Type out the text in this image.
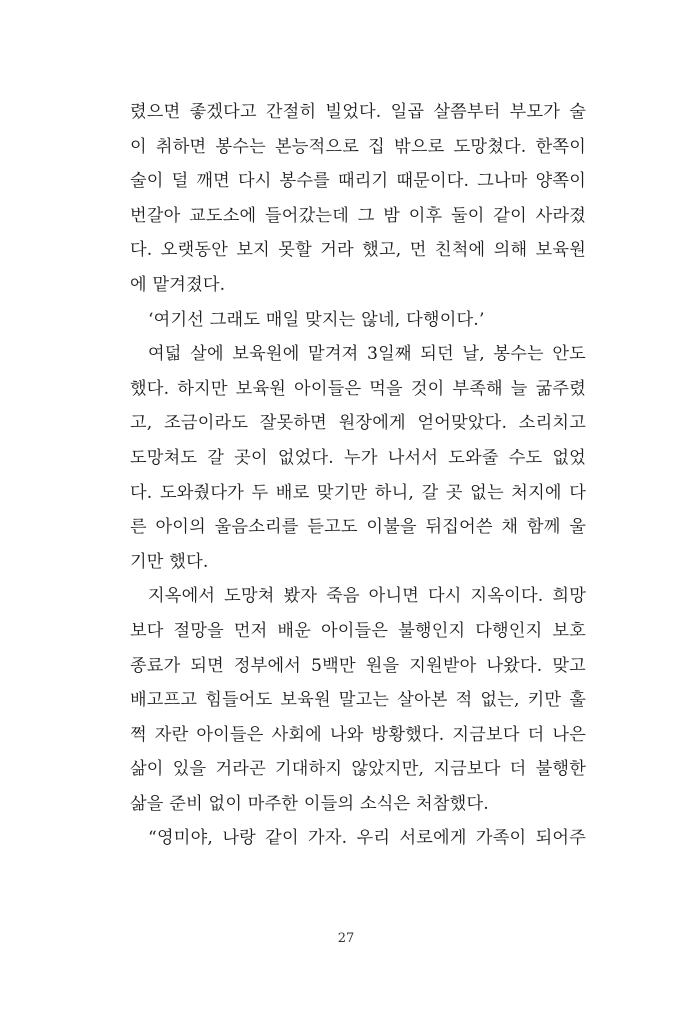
렸으면 좋겠다고 간절히 빌었다. 일곱 살쯤부터 부모가 술
이 취하면 봉수는 본능적으로 집 밖으로 도망쳤다. 한쪽이
술이 덜 깨면 다시 봉수를 때리기 때문이다. 그나마 양쪽이
번갈아 교도소에 들어갔는데 그 밤 이후 둘이 같이 사라졌
다. 오랫동안 보지 못할 거라 했고, 먼 친척에 의해 보육원
에 맡겨졌다.
‘여기선 그래도 매일 맞지는 않네, 다행이다.’
여덟 살에 보육원에 맡겨져 3일째 되던 날, 봉수는 안도
했다. 하지만 보육원 아이들은 먹을 것이 부족해 늘 굶주렸
고, 조금이라도 잘못하면 원장에게 얻어맞았다. 소리치고
도망쳐도 갈 곳이 없었다. 누가 나서서 도와줄 수도 없었
다. 도와줬다가 두 배로 맞기만 하니, 갈 곳 없는 처지에 다
른 아이의 울음소리를 듣고도 이불을 뒤집어쓴 채 함께 울
기만 했다.
지옥에서 도망쳐 봤자 죽음 아니면 다시 지옥이다. 희망
보다 절망을 먼저 배운 아이들은 불행인지 다행인지 보호
종료가 되면 정부에서 5백만 원을 지원받아 나왔다. 맞고
배고프고 힘들어도 보육원 말고는 살아본 적 없는, 키만 훌
쩍 자란 아이들은 사회에 나와 방황했다. 지금보다 더 나은
삶이 있을 거라곤 기대하지 않았지만, 지금보다 더 불행한
삶을 준비 없이 마주한 이들의 소식은 처참했다.
“영미야, 나랑 같이 가자. 우리 서로에게 가족이 되어주
27
